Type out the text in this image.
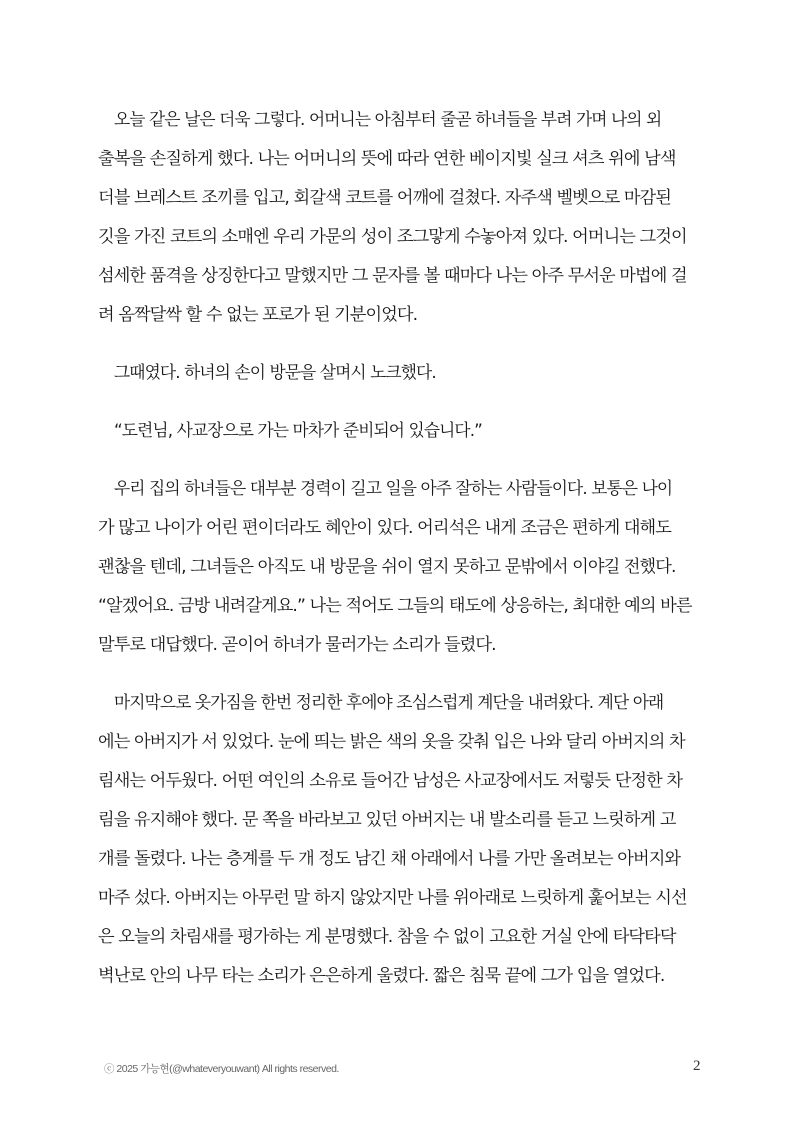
오늘 같은 날은 더욱 그렇다. 어머니는 아침부터 줄곧 하녀들을 부려 가며 나의 외
출복을 손질하게 했다. 나는 어머니의 뜻에 따라 연한 베이지빛 실크 셔츠 위에 남색
더블 브레스트 조끼를 입고, 회갈색 코트를 어깨에 걸쳤다. 자주색 벨벳으로 마감된
깃을 가진 코트의 소매엔 우리 가문의 성이 조그맣게 수놓아져 있다. 어머니는 그것이
섬세한 품격을 상징한다고 말했지만 그 문자를 볼 때마다 나는 아주 무서운 마법에 걸
려 옴짝달싹 할 수 없는 포로가 된 기분이었다.
그때였다. 하녀의 손이 방문을 살며시 노크했다.
“도련님, 사교장으로 가는 마차가 준비되어 있습니다.”
우리 집의 하녀들은 대부분 경력이 길고 일을 아주 잘하는 사람들이다. 보통은 나이
가 많고 나이가 어린 편이더라도 혜안이 있다. 어리석은 내게 조금은 편하게 대해도
괜찮을 텐데, 그녀들은 아직도 내 방문을 쉬이 열지 못하고 문밖에서 이야길 전했다.
“알겠어요. 금방 내려갈게요.” 나는 적어도 그들의 태도에 상응하는, 최대한 예의 바른
말투로 대답했다. 곧이어 하녀가 물러가는 소리가 들렸다.
마지막으로 옷가짐을 한번 정리한 후에야 조심스럽게 계단을 내려왔다. 계단 아래
에는 아버지가 서 있었다. 눈에 띄는 밝은 색의 옷을 갖춰 입은 나와 달리 아버지의 차
림새는 어두웠다. 어떤 여인의 소유로 들어간 남성은 사교장에서도 저렇듯 단정한 차
림을 유지해야 했다. 문 쪽을 바라보고 있던 아버지는 내 발소리를 듣고 느릿하게 고
개를 돌렸다. 나는 층계를 두 개 정도 남긴 채 아래에서 나를 가만 올려보는 아버지와
마주 섰다. 아버지는 아무런 말 하지 않았지만 나를 위아래로 느릿하게 훑어보는 시선
은 오늘의 차림새를 평가하는 게 분명했다. 참을 수 없이 고요한 거실 안에 타닥타닥
벽난로 안의 나무 타는 소리가 은은하게 울렸다. 짧은 침묵 끝에 그가 입을 열었다.
ⓒ 2025 가능현(@whateveryouwant) All rights reserved.	2
